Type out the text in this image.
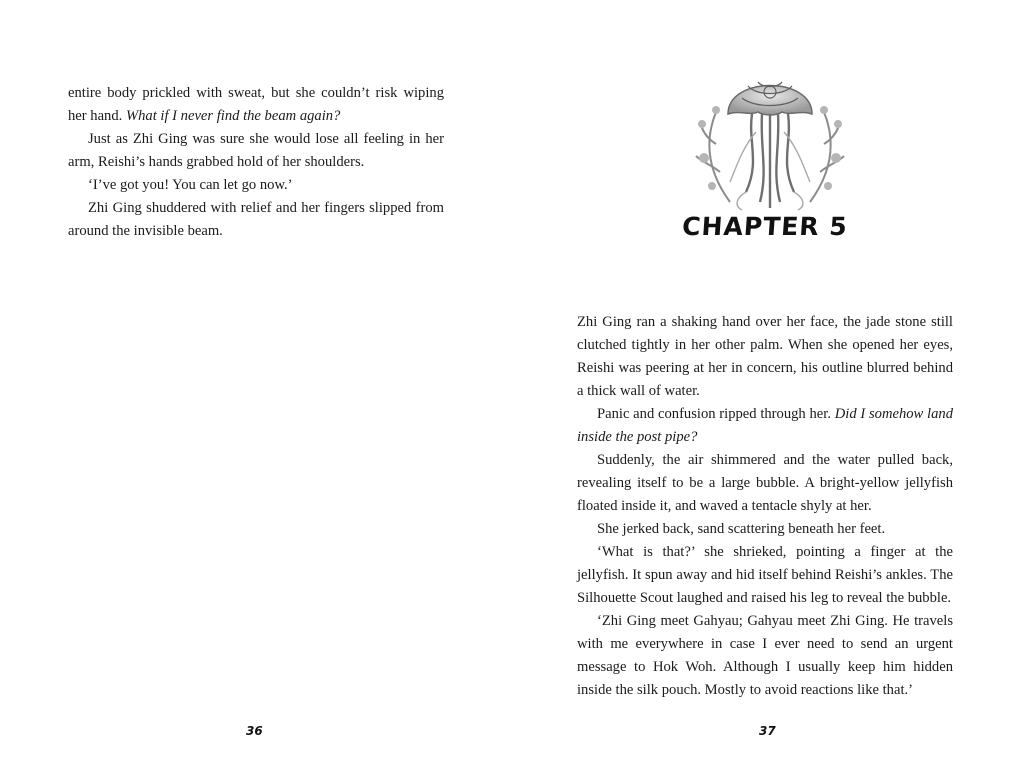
entire body prickled with sweat, but she couldn’t risk wiping her hand. What if I never find the beam again?

Just as Zhi Ging was sure she would lose all feeling in her arm, Reishi’s hands grabbed hold of her shoulders.

‘I’ve got you! You can let go now.’

Zhi Ging shuddered with relief and her fingers slipped from around the invisible beam.

36
CHAPTER 5

Zhi Ging ran a shaking hand over her face, the jade stone still clutched tightly in her other palm. When she opened her eyes, Reishi was peering at her in concern, his outline blurred behind a thick wall of water.

Panic and confusion ripped through her. Did I somehow land inside the post pipe?

Suddenly, the air shimmered and the water pulled back, revealing itself to be a large bubble. A bright-yellow jellyfish floated inside it, and waved a tentacle shyly at her.

She jerked back, sand scattering beneath her feet.

‘What is that?’ she shrieked, pointing a finger at the jellyfish. It spun away and hid itself behind Reishi’s ankles. The Silhouette Scout laughed and raised his leg to reveal the bubble.

‘Zhi Ging meet Gahyau; Gahyau meet Zhi Ging. He travels with me everywhere in case I ever need to send an urgent message to Hok Woh. Although I usually keep him hidden inside the silk pouch. Mostly to avoid reactions like that.’

37
